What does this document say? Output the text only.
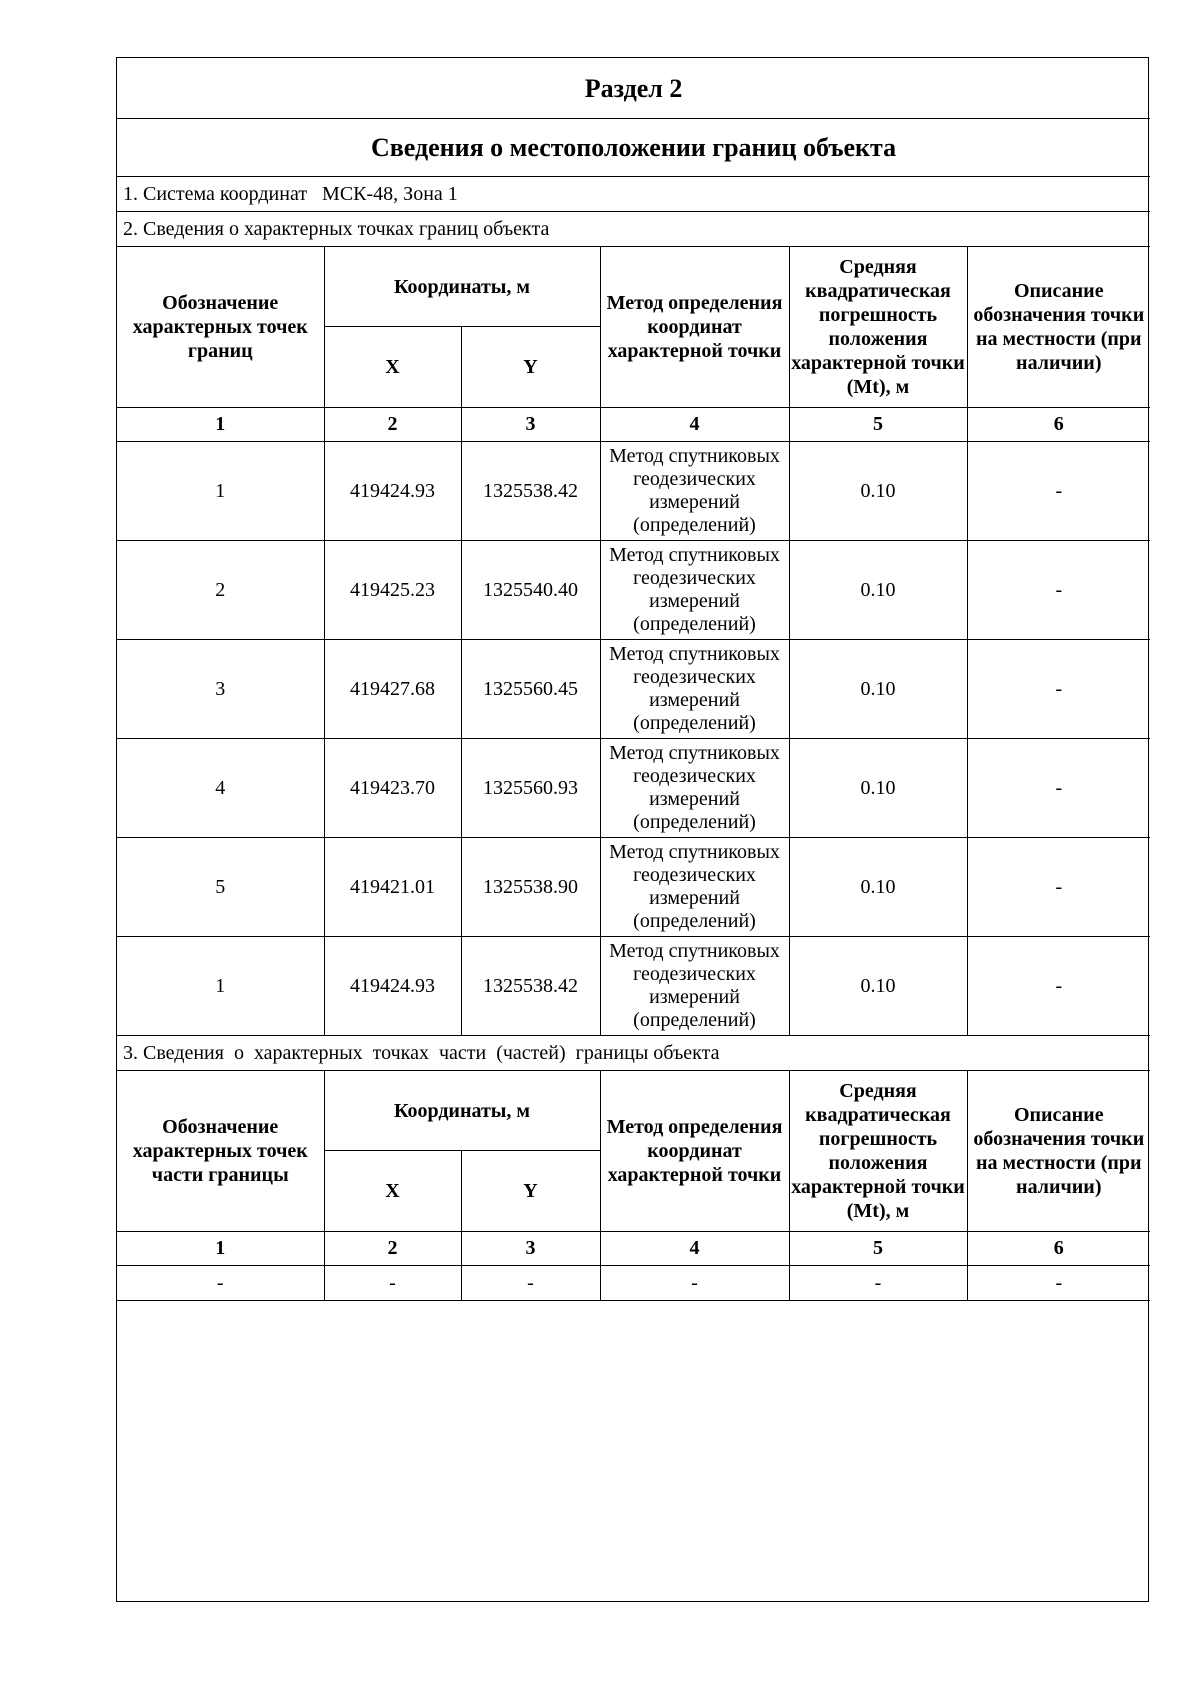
Раздел 2					
Сведения о местоположении границ объекта					
1. Система координат   МСК-48, Зона 1					
2. Сведения о характерных точках границ объекта					
Обозначение характерных точек границ	Координаты, м		Метод определения координат характерной точки	Средняя квадратическая погрешность положения характерной точки (Mt), м	Описание обозначения точки на местности (при наличии)
	X	Y			
1	2	3	4	5	6
1	419424.93	1325538.42	Метод спутниковых геодезических измерений (определений)	0.10	-
2	419425.23	1325540.40	Метод спутниковых геодезических измерений (определений)	0.10	-
3	419427.68	1325560.45	Метод спутниковых геодезических измерений (определений)	0.10	-
4	419423.70	1325560.93	Метод спутниковых геодезических измерений (определений)	0.10	-
5	419421.01	1325538.90	Метод спутниковых геодезических измерений (определений)	0.10	-
1	419424.93	1325538.42	Метод спутниковых геодезических измерений (определений)	0.10	-
3. Сведения  о  характерных  точках  части  (частей)  границы объекта					
Обозначение характерных точек части границы	Координаты, м		Метод определения координат характерной точки	Средняя квадратическая погрешность положения характерной точки (Mt), м	Описание обозначения точки на местности (при наличии)
	X	Y			
1	2	3	4	5	6
-	-	-	-	-	-
